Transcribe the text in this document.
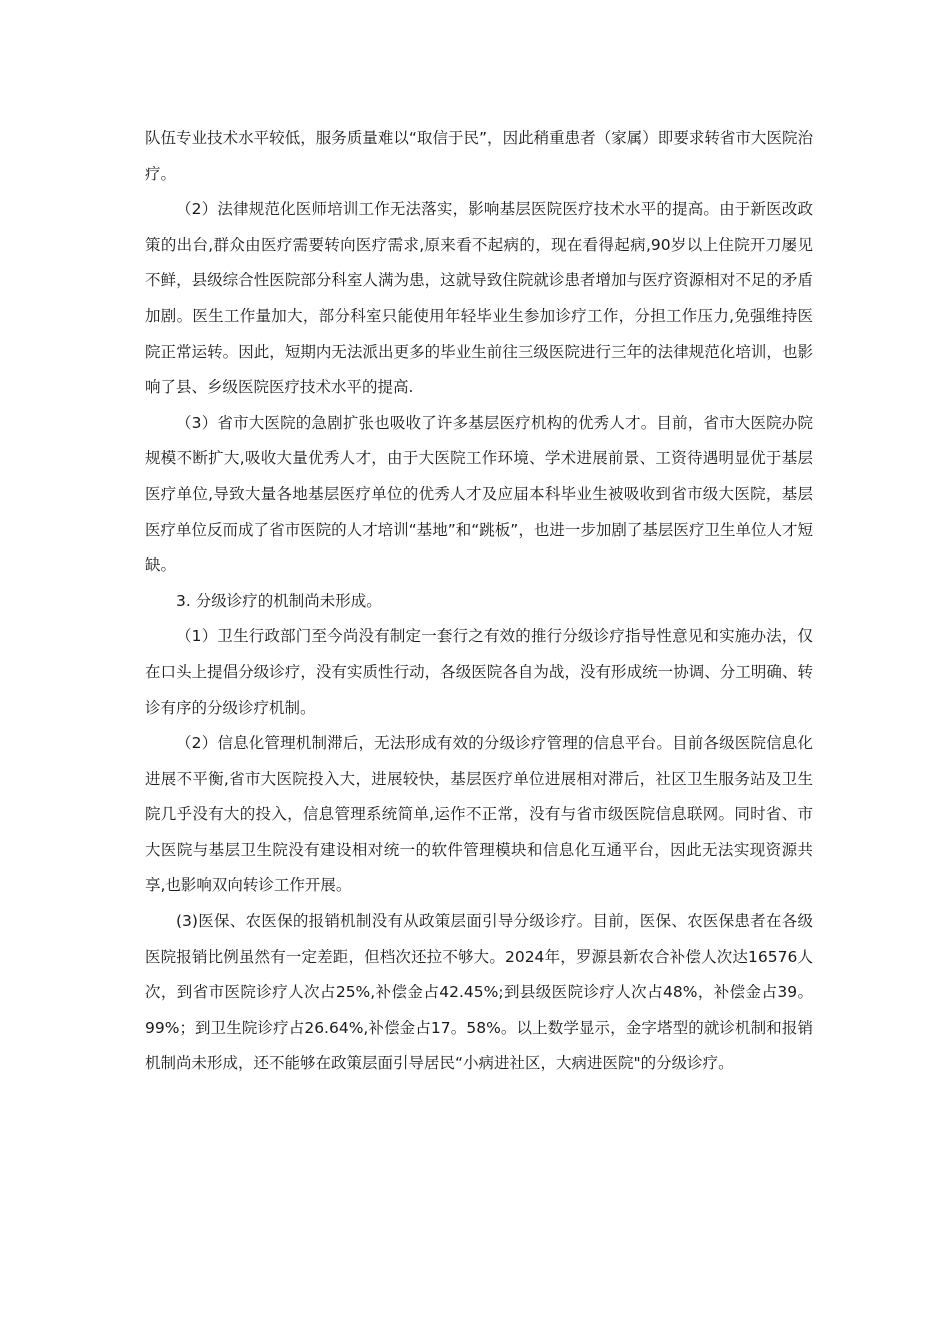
队伍专业技术水平较低，服务质量难以“取信于民”，因此稍重患者（家属）即要求转省市大医院治疗。

（2）法律规范化医师培训工作无法落实，影响基层医院医疗技术水平的提高。由于新医改政策的出台,群众由医疗需要转向医疗需求,原来看不起病的，现在看得起病,90岁以上住院开刀屡见不鲜，县级综合性医院部分科室人满为患，这就导致住院就诊患者增加与医疗资源相对不足的矛盾加剧。医生工作量加大，部分科室只能使用年轻毕业生参加诊疗工作，分担工作压力,免强维持医院正常运转。因此，短期内无法派出更多的毕业生前往三级医院进行三年的法律规范化培训，也影响了县、乡级医院医疗技术水平的提高.

（3）省市大医院的急剧扩张也吸收了许多基层医疗机构的优秀人才。目前，省市大医院办院规模不断扩大,吸收大量优秀人才，由于大医院工作环境、学术进展前景、工资待遇明显优于基层医疗单位,导致大量各地基层医疗单位的优秀人才及应届本科毕业生被吸收到省市级大医院，基层医疗单位反而成了省市医院的人才培训“基地”和“跳板”，也进一步加剧了基层医疗卫生单位人才短缺。

3. 分级诊疗的机制尚未形成。

（1）卫生行政部门至今尚没有制定一套行之有效的推行分级诊疗指导性意见和实施办法，仅在口头上提倡分级诊疗，没有实质性行动，各级医院各自为战，没有形成统一协调、分工明确、转诊有序的分级诊疗机制。

（2）信息化管理机制滞后，无法形成有效的分级诊疗管理的信息平台。目前各级医院信息化进展不平衡,省市大医院投入大，进展较快，基层医疗单位进展相对滞后，社区卫生服务站及卫生院几乎没有大的投入，信息管理系统简单,运作不正常，没有与省市级医院信息联网。同时省、市大医院与基层卫生院没有建设相对统一的软件管理模块和信息化互通平台，因此无法实现资源共享,也影响双向转诊工作开展。

(3)医保、农医保的报销机制没有从政策层面引导分级诊疗。目前，医保、农医保患者在各级医院报销比例虽然有一定差距，但档次还拉不够大。2024年，罗源县新农合补偿人次达16576人次，到省市医院诊疗人次占25%,补偿金占42.45%;到县级医院诊疗人次占48%，补偿金占39。99%；到卫生院诊疗占26.64%,补偿金占17。58%。以上数学显示，金字塔型的就诊机制和报销机制尚未形成，还不能够在政策层面引导居民“小病进社区，大病进医院"的分级诊疗。
